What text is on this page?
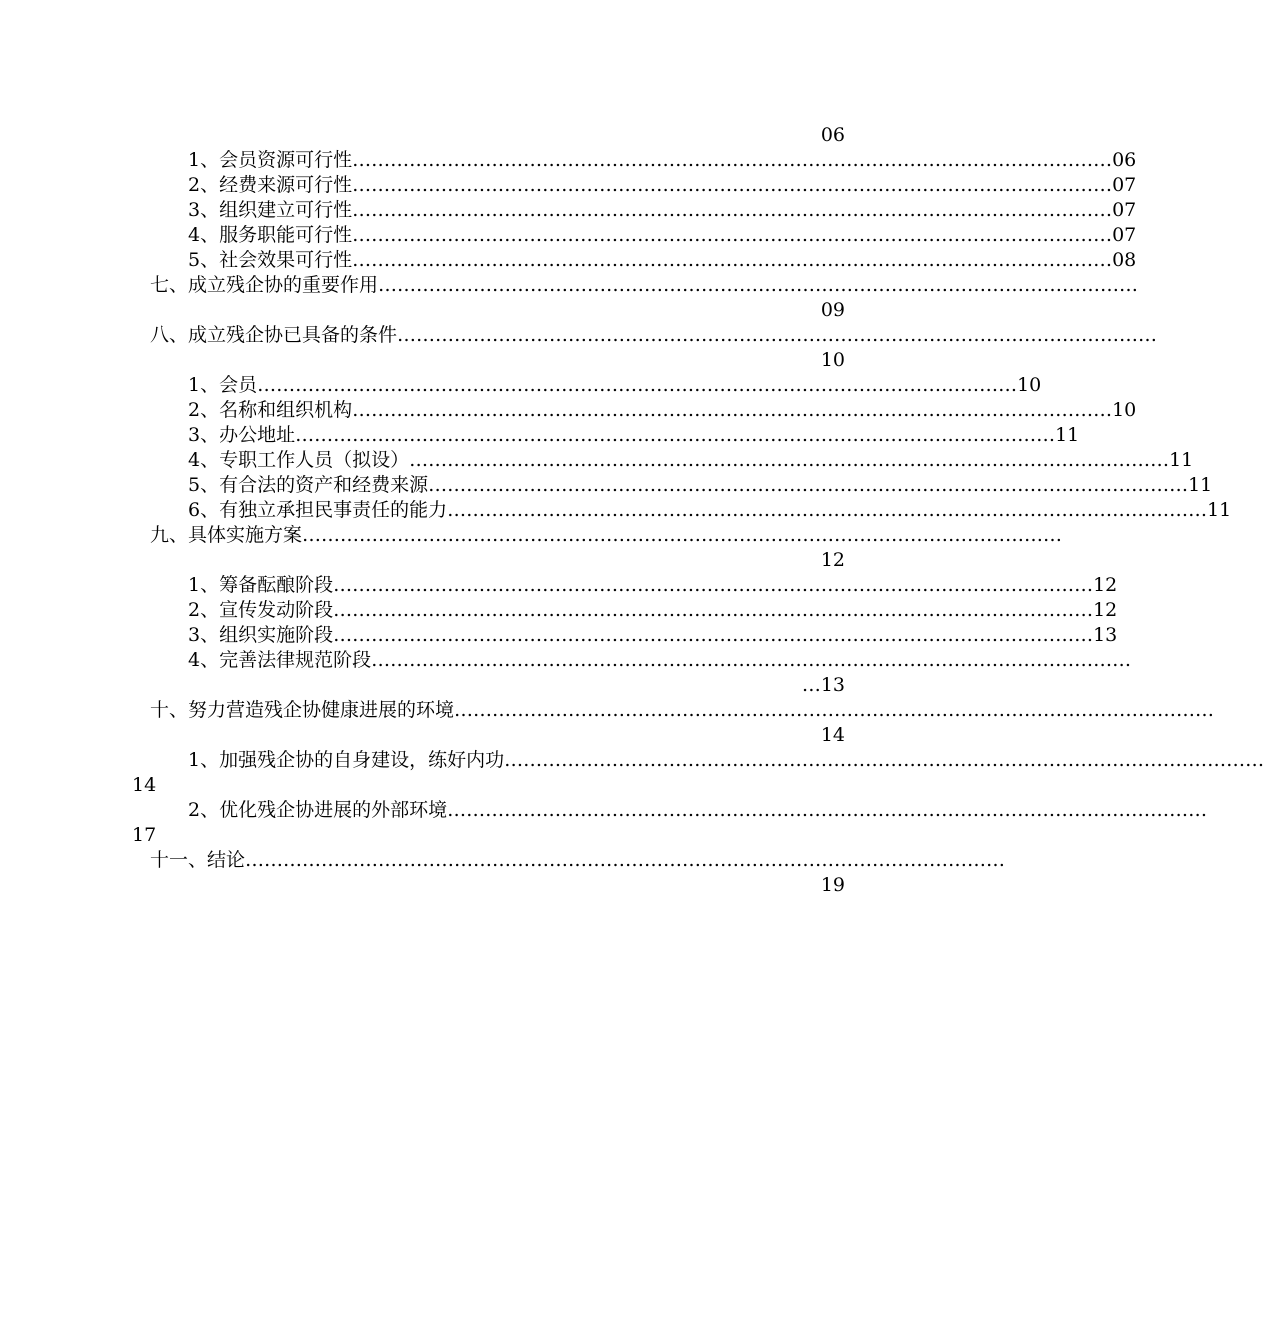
06
1、会员资源可行性 ………………………………………………………………………………………………………… 06
2、经费来源可行性 ………………………………………………………………………………………………………… 07
3、组织建立可行性 ………………………………………………………………………………………………………… 07
4、服务职能可行性 ………………………………………………………………………………………………………… 07
5、社会效果可行性 ………………………………………………………………………………………………………… 08
七、成立残企协的重要作用 …………………………………………………………………………………………………………
09
八、成立残企协已具备的条件 …………………………………………………………………………………………………………
10
1、会员 ………………………………………………………………………………………………………… 10
2、名称和组织机构 ………………………………………………………………………………………………………… 10
3、办公地址 ………………………………………………………………………………………………………… 11
4、专职工作人员（拟设） ………………………………………………………………………………………………………… 11
5、有合法的资产和经费来源 ………………………………………………………………………………………………………… 11
6、有独立承担民事责任的能力 ………………………………………………………………………………………………………… 11
九、具体实施方案 …………………………………………………………………………………………………………
12
1、筹备酝酿阶段 ………………………………………………………………………………………………………… 12
2、宣传发动阶段 ………………………………………………………………………………………………………… 12
3、组织实施阶段 ………………………………………………………………………………………………………… 13
4、完善法律规范阶段 …………………………………………………………………………………………………………
…13
十、努力营造残企协健康进展的环境 …………………………………………………………………………………………………………
14
1、加强残企协的自身建设，练好内功 …………………………………………………………………………………………………………
14
2、优化残企协进展的外部环境 …………………………………………………………………………………………………………
17
十一、结论 …………………………………………………………………………………………………………
19
